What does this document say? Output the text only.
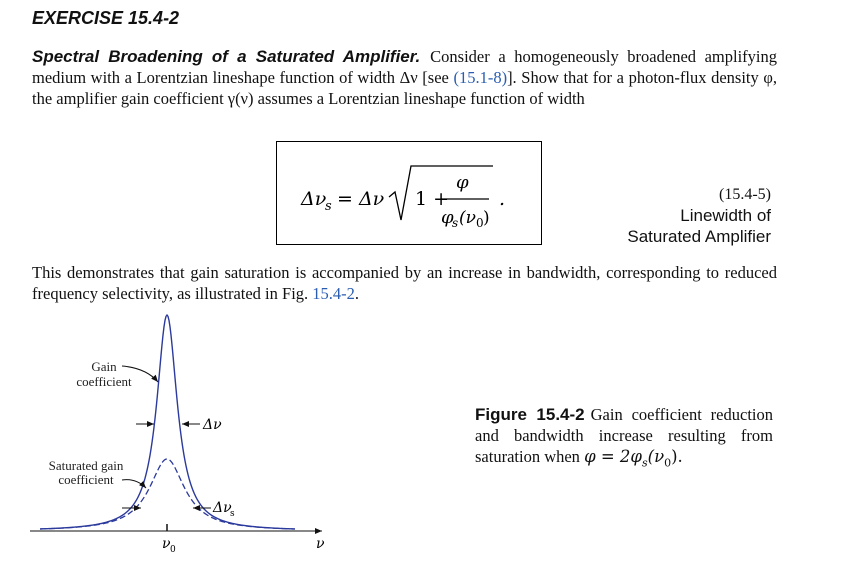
EXERCISE 15.4-2

Spectral Broadening of a Saturated Amplifier. Consider a homogeneously broadened amplifying medium with a Lorentzian lineshape function of width Δν [see (15.1-8)]. Show that for a photon-flux density φ, the amplifier gain coefficient γ(ν) assumes a Lorentzian lineshape function of width

Δν
s = Δν 1 +
φ
φ
s (ν 0 )
.	(15.4-5)
Linewidth of
Saturated Amplifier

This demonstrates that gain saturation is accompanied by an increase in bandwidth, corresponding to reduced frequency selectivity, as illustrated in Fig. 15.4-2.

ν 0	ν
Gain
coefficient
Δν
Saturated gain
coefficient
Δν
s

Figure 15.4-2 Gain coefficient reduction and bandwidth increase resulting from saturation when $\varphi = 2\varphi_s(\nu_0)$.
